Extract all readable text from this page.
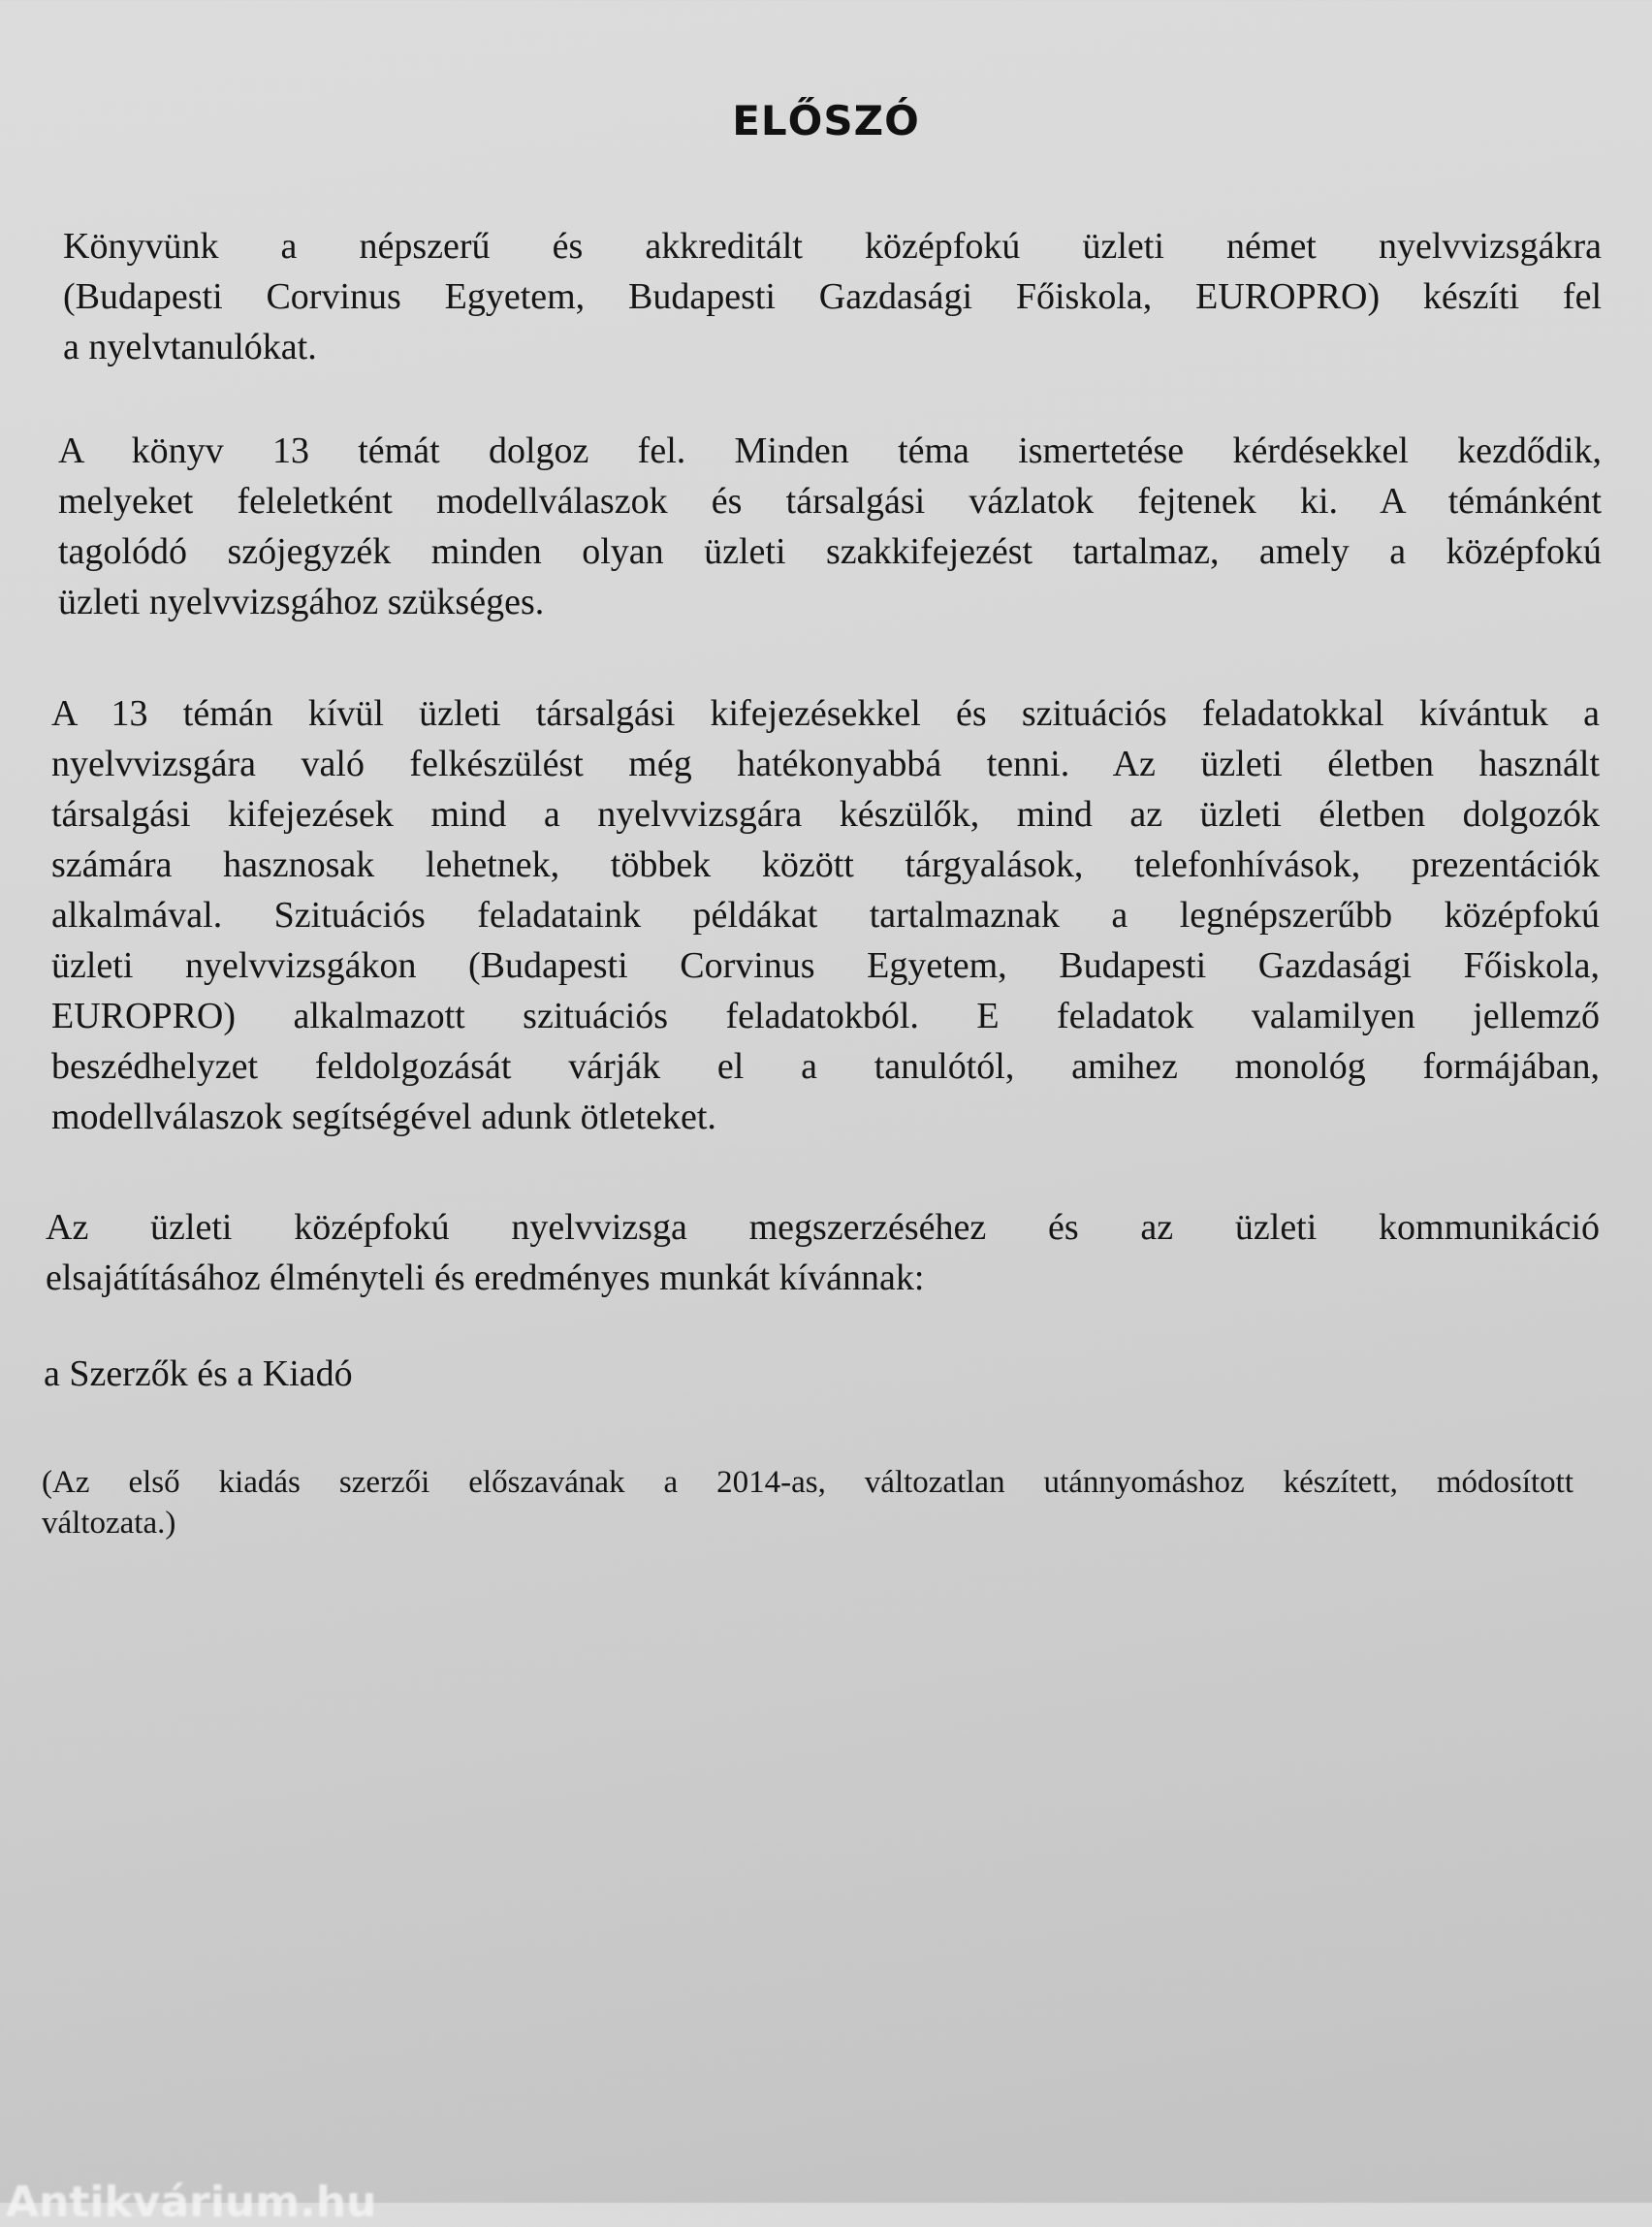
ELŐSZÓ
Könyvünk a népszerű és akkreditált középfokú üzleti német nyelvvizsgákra
(Budapesti Corvinus Egyetem, Budapesti Gazdasági Főiskola, EUROPRO) készíti fel
a nyelvtanulókat.
A könyv 13 témát dolgoz fel. Minden téma ismertetése kérdésekkel kezdődik,
melyeket feleletként modellválaszok és társalgási vázlatok fejtenek ki. A témánként
tagolódó szójegyzék minden olyan üzleti szakkifejezést tartalmaz, amely a középfokú
üzleti nyelvvizsgához szükséges.
A 13 témán kívül üzleti társalgási kifejezésekkel és szituációs feladatokkal kívántuk a
nyelvvizsgára való felkészülést még hatékonyabbá tenni. Az üzleti életben használt
társalgási kifejezések mind a nyelvvizsgára készülők, mind az üzleti életben dolgozók
számára hasznosak lehetnek, többek között tárgyalások, telefonhívások, prezentációk
alkalmával. Szituációs feladataink példákat tartalmaznak a legnépszerűbb középfokú
üzleti nyelvvizsgákon (Budapesti Corvinus Egyetem, Budapesti Gazdasági Főiskola,
EUROPRO) alkalmazott szituációs feladatokból. E feladatok valamilyen jellemző
beszédhelyzet feldolgozását várják el a tanulótól, amihez monológ formájában,
modellválaszok segítségével adunk ötleteket.
Az üzleti középfokú nyelvvizsga megszerzéséhez és az üzleti kommunikáció
elsajátításához élményteli és eredményes munkát kívánnak:
a Szerzők és a Kiadó
(Az első kiadás szerzői előszavának a 2014-as, változatlan utánnyomáshoz készített, módosított
változata.)
Antikvárium.hu
